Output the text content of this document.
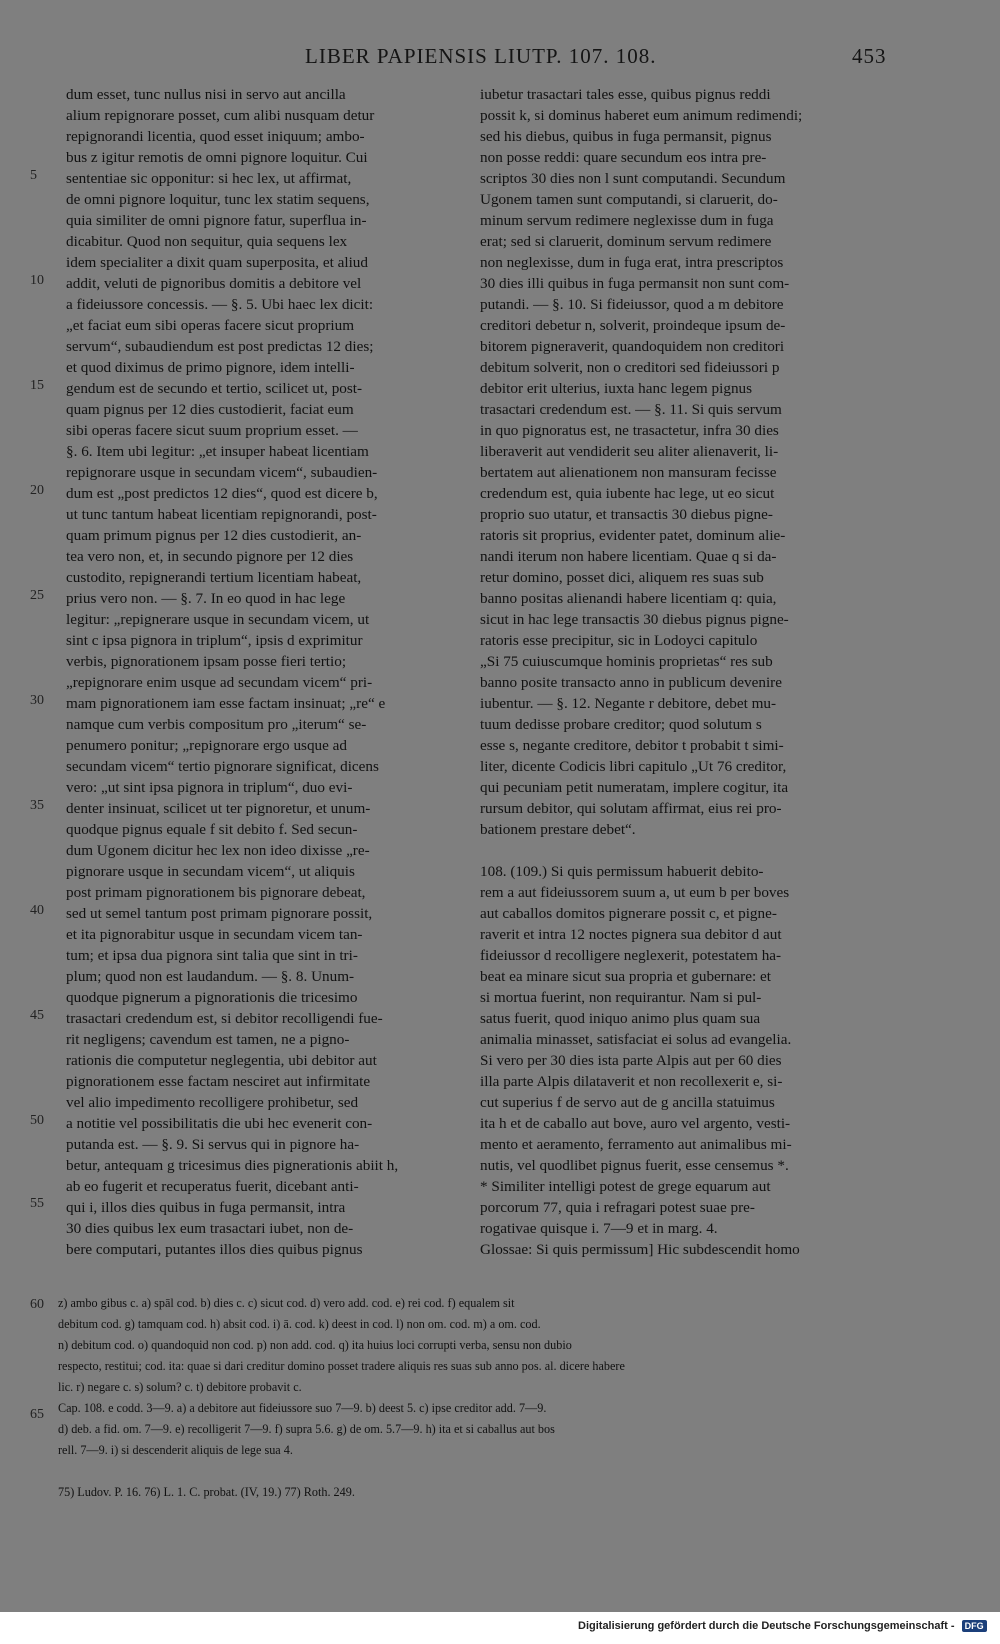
LIBER PAPIENSIS LIUTP. 107. 108.	453
dum esset, tunc nullus nisi in servo aut ancilla
alium repignorare posset, cum alibi nusquam detur
repignorandi licentia, quod esset iniquum; ambo-
bus z igitur remotis de omni pignore loquitur. Cui
sententiae sic opponitur: si hec lex, ut affirmat,
de omni pignore loquitur, tunc lex statim sequens,
quia similiter de omni pignore fatur, superflua in-
dicabitur. Quod non sequitur, quia sequens lex
idem specialiter a dixit quam superposita, et aliud
addit, veluti de pignoribus domitis a debitore vel
a fideiussore concessis. — §. 5. Ubi haec lex dicit:
„et faciat eum sibi operas facere sicut proprium
servum“, subaudiendum est post predictas 12 dies;
et quod diximus de primo pignore, idem intelli-
gendum est de secundo et tertio, scilicet ut, post-
quam pignus per 12 dies custodierit, faciat eum
sibi operas facere sicut suum proprium esset. —
§. 6. Item ubi legitur: „et insuper habeat licentiam
repignorare usque in secundam vicem“, subaudien-
dum est „post predictos 12 dies“, quod est dicere b,
ut tunc tantum habeat licentiam repignorandi, post-
quam primum pignus per 12 dies custodierit, an-
tea vero non, et, in secundo pignore per 12 dies
custodito, repignerandi tertium licentiam habeat,
prius vero non. — §. 7. In eo quod in hac lege
legitur: „repignerare usque in secundam vicem, ut
sint c ipsa pignora in triplum“, ipsis d exprimitur
verbis, pignorationem ipsam posse fieri tertio;
„repignorare enim usque ad secundam vicem“ pri-
mam pignorationem iam esse factam insinuat; „re“ e
namque cum verbis compositum pro „iterum“ se-
penumero ponitur; „repignorare ergo usque ad
secundam vicem“ tertio pignorare significat, dicens
vero: „ut sint ipsa pignora in triplum“, duo evi-
denter insinuat, scilicet ut ter pignoretur, et unum-
quodque pignus equale f sit debito f. Sed secun-
dum Ugonem dicitur hec lex non ideo dixisse „re-
pignorare usque in secundam vicem“, ut aliquis
post primam pignorationem bis pignorare debeat,
sed ut semel tantum post primam pignorare possit,
et ita pignorabitur usque in secundam vicem tan-
tum; et ipsa dua pignora sint talia que sint in tri-
plum; quod non est laudandum. — §. 8. Unum-
quodque pignerum a pignorationis die tricesimo
trasactari credendum est, si debitor recolligendi fue-
rit negligens; cavendum est tamen, ne a pigno-
rationis die computetur neglegentia, ubi debitor aut
pignorationem esse factam nesciret aut infirmitate
vel alio impedimento recolligere prohibetur, sed
a notitie vel possibilitatis die ubi hec evenerit con-
putanda est. — §. 9. Si servus qui in pignore ha-
betur, antequam g tricesimus dies pignerationis abiit h,
ab eo fugerit et recuperatus fuerit, dicebant anti-
qui i, illos dies quibus in fuga permansit, intra
30 dies quibus lex eum trasactari iubet, non de-
bere computari, putantes illos dies quibus pignus
iubetur trasactari tales esse, quibus pignus reddi
possit k, si dominus haberet eum animum redimendi;
sed his diebus, quibus in fuga permansit, pignus
non posse reddi: quare secundum eos intra pre-
scriptos 30 dies non l sunt computandi. Secundum
Ugonem tamen sunt computandi, si claruerit, do-
minum servum redimere neglexisse dum in fuga
erat; sed si claruerit, dominum servum redimere
non neglexisse, dum in fuga erat, intra prescriptos
30 dies illi quibus in fuga permansit non sunt com-
putandi. — §. 10. Si fideiussor, quod a m debitore
creditori debetur n, solverit, proindeque ipsum de-
bitorem pigneraverit, quandoquidem non creditori
debitum solverit, non o creditori sed fideiussori p
debitor erit ulterius, iuxta hanc legem pignus
trasactari credendum est. — §. 11. Si quis servum
in quo pignoratus est, ne trasactetur, infra 30 dies
liberaverit aut vendiderit seu aliter alienaverit, li-
bertatem aut alienationem non mansuram fecisse
credendum est, quia iubente hac lege, ut eo sicut
proprio suo utatur, et transactis 30 diebus pigne-
ratoris sit proprius, evidenter patet, dominum alie-
nandi iterum non habere licentiam. Quae q si da-
retur domino, posset dici, aliquem res suas sub
banno positas alienandi habere licentiam q: quia,
sicut in hac lege transactis 30 diebus pignus pigne-
ratoris esse precipitur, sic in Lodoyci capitulo
„Si 75 cuiuscumque hominis proprietas“ res sub
banno posite transacto anno in publicum devenire
iubentur. — §. 12. Negante r debitore, debet mu-
tuum dedisse probare creditor; quod solutum s
esse s, negante creditore, debitor t probabit t simi-
liter, dicente Codicis libri capitulo „Ut 76 creditor,
qui pecuniam petit numeratam, implere cogitur, ita
rursum debitor, qui solutam affirmat, eius rei pro-
bationem prestare debet“.
108. (109.) Si quis permissum habuerit debito-
rem a aut fideiussorem suum a, ut eum b per boves
aut caballos domitos pignerare possit c, et pigne-
raverit et intra 12 noctes pignera sua debitor d aut
fideiussor d recolligere neglexerit, potestatem ha-
beat ea minare sicut sua propria et gubernare: et
si mortua fuerint, non requirantur. Nam si pul-
satus fuerit, quod iniquo animo plus quam sua
animalia minasset, satisfaciat ei solus ad evangelia.
Si vero per 30 dies ista parte Alpis aut per 60 dies
illa parte Alpis dilataverit et non recollexerit e, si-
cut superius f de servo aut de g ancilla statuimus
ita h et de caballo aut bove, auro vel argento, vesti-
mento et aeramento, ferramento aut animalibus mi-
nutis, vel quodlibet pignus fuerit, esse censemus *.
* Similiter intelligi potest de grege equarum aut
porcorum 77, quia i refragari potest suae pre-
rogativae quisque i. 7—9 et in marg. 4.
Glossae: Si quis permissum] Hic subdescendit homo
z) ambo gibus c. a) spāl cod. b) dies c. c) sicut cod. d) vero add. cod. e) rei cod. f) equalem sit
debitum cod. g) tamquam cod. h) absit cod. i) ā. cod. k) deest in cod. l) non om. cod. m) a om. cod.
n) debitum cod. o) quandoquid non cod. p) non add. cod. q) ita huius loci corrupti verba, sensu non dubio
respecto, restitui; cod. ita: quae si dari creditur domino posset tradere aliquis res suas sub anno pos. al. dicere habere
lic. r) negare c. s) solum? c. t) debitore probavit c.
Cap. 108. e codd. 3—9. a) a debitore aut fideiussore suo 7—9. b) deest 5. c) ipse creditor add. 7—9.
d) deb. a fid. om. 7—9. e) recolligerit 7—9. f) supra 5.6. g) de om. 5.7—9. h) ita et si caballus aut bos
rell. 7—9. i) si descenderit aliquis de lege sua 4.
75) Ludov. P. 16. 76) L. 1. C. probat. (IV, 19.) 77) Roth. 249.
5
10
15
20
25
30
35
40
45
50
55
60
65
Digitalisierung gefördert durch die Deutsche Forschungsgemeinschaft - DFG
